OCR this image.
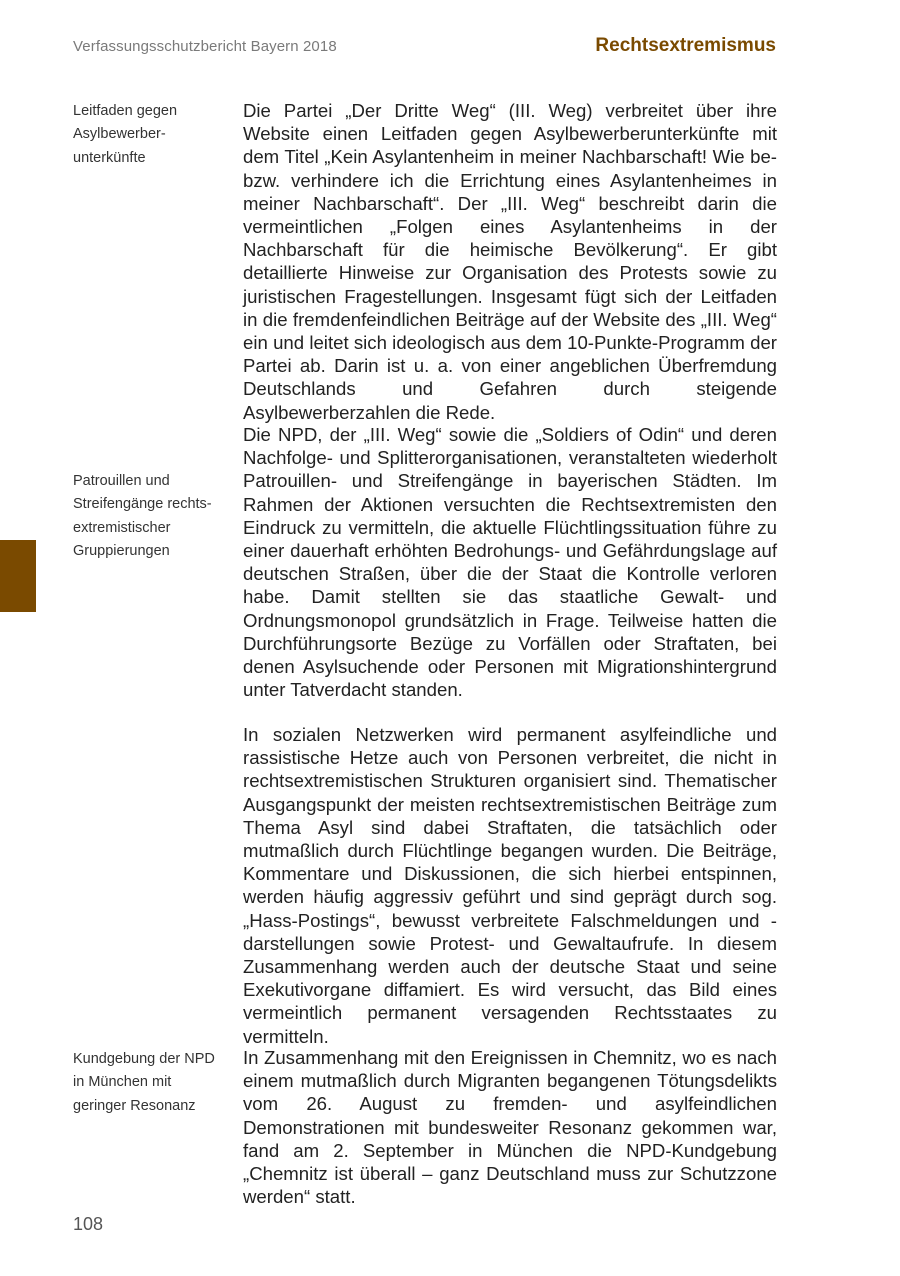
Verfassungsschutzbericht Bayern 2018	Rechtsextremismus
Leitfaden gegen Asylbewerber-unterkünfte
Patrouillen und Streifengänge rechts-extremistischer Gruppierungen
Kundgebung der NPD in München mit geringer Resonanz

Die Partei „Der Dritte Weg“ (III. Weg) verbreitet über ihre Website einen Leitfaden gegen Asylbewerberunterkünfte mit dem Titel „Kein Asylantenheim in meiner Nachbarschaft! Wie be- bzw. verhindere ich die Errichtung eines Asylantenheimes in meiner Nachbarschaft“. Der „III. Weg“ beschreibt darin die vermeintlichen „Folgen eines Asylantenheims in der Nachbarschaft für die heimische Bevölkerung“. Er gibt detaillierte Hinweise zur Organisation des Protests sowie zu juristischen Fragestellungen. Insgesamt fügt sich der Leitfaden in die fremdenfeindlichen Beiträge auf der Website des „III. Weg“ ein und leitet sich ideologisch aus dem 10-Punkte-Programm der Partei ab. Darin ist u. a. von einer angeblichen Überfremdung Deutschlands und Gefahren durch steigende Asylbewerberzahlen die Rede.

Die NPD, der „III. Weg“ sowie die „Soldiers of Odin“ und deren Nachfolge- und Splitterorganisationen, veranstalteten wiederholt Patrouillen- und Streifengänge in bayerischen Städten. Im Rahmen der Aktionen versuchten die Rechtsextremisten den Eindruck zu vermitteln, die aktuelle Flüchtlingssituation führe zu einer dauerhaft erhöhten Bedrohungs- und Gefährdungslage auf deutschen Straßen, über die der Staat die Kontrolle verloren habe. Damit stellten sie das staatliche Gewalt- und Ordnungsmonopol grundsätzlich in Frage. Teilweise hatten die Durchführungsorte Bezüge zu Vorfällen oder Straftaten, bei denen Asylsuchende oder Personen mit Migrationshintergrund unter Tatverdacht standen.

In sozialen Netzwerken wird permanent asylfeindliche und rassistische Hetze auch von Personen verbreitet, die nicht in rechtsextremistischen Strukturen organisiert sind. Thematischer Ausgangspunkt der meisten rechtsextremistischen Beiträge zum Thema Asyl sind dabei Straftaten, die tatsächlich oder mutmaßlich durch Flüchtlinge begangen wurden. Die Beiträge, Kommentare und Diskussionen, die sich hierbei entspinnen, werden häufig aggressiv geführt und sind geprägt durch sog. „Hass-Postings“, bewusst verbreitete Falschmeldungen und -darstellungen sowie Protest- und Gewaltaufrufe. In diesem Zusammenhang werden auch der deutsche Staat und seine Exekutivorgane diffamiert. Es wird versucht, das Bild eines vermeintlich permanent versagenden Rechtsstaates zu vermitteln.

In Zusammenhang mit den Ereignissen in Chemnitz, wo es nach einem mutmaßlich durch Migranten begangenen Tötungsdelikts vom 26. August zu fremden- und asylfeindlichen Demonstrationen mit bundesweiter Resonanz gekommen war, fand am 2. September in München die NPD-Kundgebung „Chemnitz ist überall – ganz Deutschland muss zur Schutzzone werden“ statt.

108
